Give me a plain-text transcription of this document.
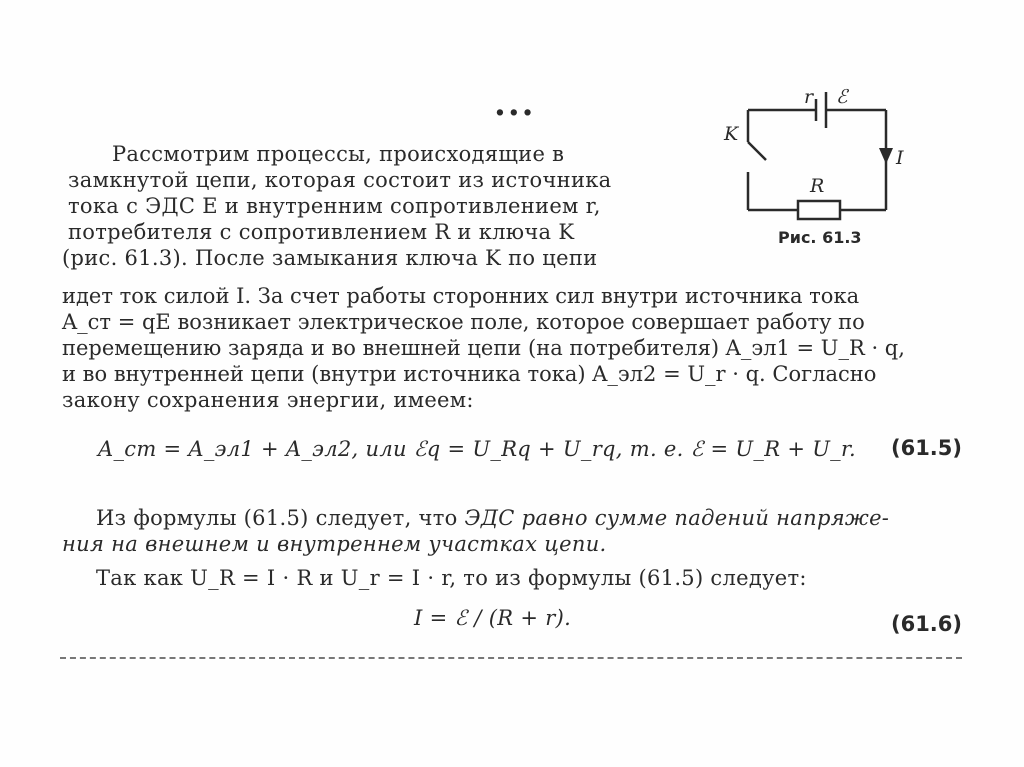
...	r ℰ
K
I
R
Рис. 61.3
Рассмотрим процессы, происходящие в
замкнутой цепи, которая состоит из источника
тока с ЭДС Ε и внутренним сопротивлением r,
потребителя с сопротивлением R и ключа K
(рис. 61.3). После замыкания ключа K по цепи
идет ток силой I. За счет работы сторонних сил внутри источника тока
A_ст = qΕ возникает электрическое поле, которое совершает работу по
перемещению заряда и во внешней цепи (на потребителя) A_эл1 = U_R · q,
и во внутренней цепи (внутри источника тока) A_эл2 = U_r · q. Согласно
закону сохранения энергии, имеем:
A_ст = A_эл1 + A_эл2, или ℰq = U_Rq + U_rq, т. е. ℰ = U_R + U_r. (61.5)
Из формулы (61.5) следует, что ЭДС равно сумме падений напряже-
ния на внешнем и внутреннем участках цепи.
Так как U_R = I · R и U_r = I · r, то из формулы (61.5) следует:
I = ℰ / (R + r).	(61.6)
